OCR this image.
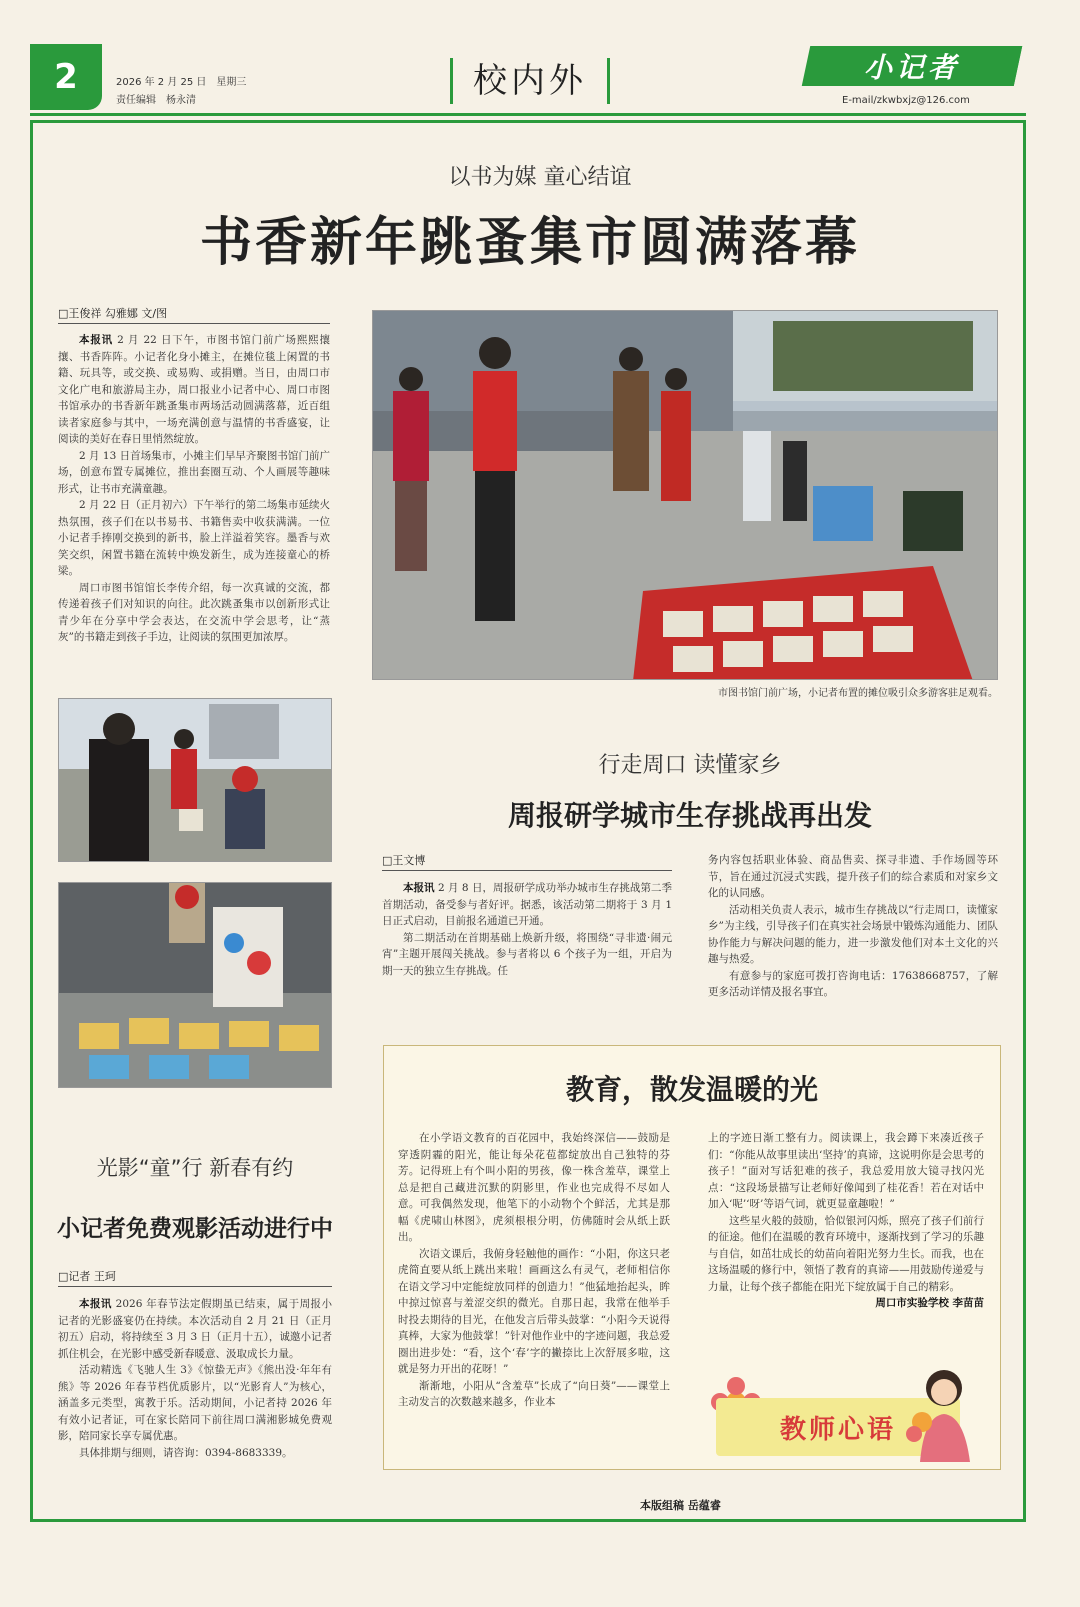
2	2026 年 2 月 25 日　星期三
责任编辑　杨永清	校内外	小记者
E-mail/zkwbxjz@126.com
以书为媒 童心结谊
书香新年跳蚤集市圆满落幕
□ 王俊祥 勾雅娜 文/图

本报讯 2 月 22 日下午，市图书馆门前广场熙熙攘攘、书香阵阵。小记者化身小摊主，在摊位毯上闲置的书籍、玩具等，或交换、或易购、或捐赠。当日，由周口市文化广电和旅游局主办，周口报业小记者中心、周口市图书馆承办的书香新年跳蚤集市两场活动圆满落幕，近百组读者家庭参与其中，一场充满创意与温情的书香盛宴，让阅读的美好在春日里悄然绽放。

2 月 13 日首场集市，小摊主们早早齐聚图书馆门前广场，创意布置专属摊位，推出套圈互动、个人画展等趣味形式，让书市充满童趣。

2 月 22 日（正月初六）下午举行的第二场集市延续火热氛围，孩子们在以书易书、书籍售卖中收获满满。一位小记者手捧刚交换到的新书，脸上洋溢着笑容。墨香与欢笑交织，闲置书籍在流转中焕发新生，成为连接童心的桥梁。

周口市图书馆馆长李传介绍，每一次真诚的交流，都传递着孩子们对知识的向往。此次跳蚤集市以创新形式让青少年在分享中学会表达，在交流中学会思考，让“蒸灰”的书籍走到孩子手边，让阅读的氛围更加浓厚。

市图书馆门前广场，小记者布置的摊位吸引众多游客驻足观看。
行走周口 读懂家乡
周报研学城市生存挑战再出发
□ 王文博

本报讯 2 月 8 日，周报研学成功举办城市生存挑战第二季首期活动，备受参与者好评。据悉，该活动第二期将于 3 月 1 日正式启动，目前报名通道已开通。

第二期活动在首期基础上焕新升级，将围绕“寻非遗·闹元宵”主题开展闯关挑战。参与者将以 6 个孩子为一组，开启为期一天的独立生存挑战。任

务内容包括职业体验、商品售卖、探寻非遗、手作场圆等环节，旨在通过沉浸式实践，提升孩子们的综合素质和对家乡文化的认同感。

活动相关负责人表示，城市生存挑战以“行走周口，读懂家乡”为主线，引导孩子们在真实社会场景中锻炼沟通能力、团队协作能力与解决问题的能力，进一步激发他们对本土文化的兴趣与热爱。

有意参与的家庭可拨打咨询电话：17638668757，了解更多活动详情及报名事宜。

光影“童”行 新春有约
小记者免费观影活动进行中
□ 记者 王珂

本报讯 2026 年春节法定假期虽已结束，属于周报小记者的光影盛宴仍在持续。本次活动自 2 月 21 日（正月初五）启动，将持续至 3 月 3 日（正月十五），诚邀小记者抓住机会，在光影中感受新春暖意、汲取成长力量。

活动精选《飞驰人生 3》《惊蛰无声》《熊出没·年年有熊》等 2026 年春节档优质影片，以“光影育人”为核心，涵盖多元类型，寓教于乐。活动期间，小记者持 2026 年有效小记者证，可在家长陪同下前往周口满湘影城免费观影，陪同家长享专属优惠。

具体排期与细则，请咨询：0394-8683339。

教育，散发温暖的光

在小学语文教育的百花园中，我始终深信——鼓励是穿透阴霾的阳光，能让每朵花苞都绽放出自己独特的芬芳。记得班上有个叫小阳的男孩，像一株含羞草，课堂上总是把自己藏进沉默的阴影里，作业也完成得不尽如人意。可我偶然发现，他笔下的小动物个个鲜活，尤其是那幅《虎啸山林图》，虎须根根分明，仿佛随时会从纸上跃出。

次语文课后，我俯身轻触他的画作：“小阳，你这只老虎简直要从纸上跳出来啦！画画这么有灵气，老师相信你在语文学习中定能绽放同样的创造力！”他猛地抬起头，眸中掠过惊喜与羞涩交织的微光。自那日起，我常在他举手时投去期待的目光，在他发言后带头鼓掌：“小阳今天说得真棒，大家为他鼓掌！”针对他作业中的字迹问题，我总爱圈出进步处：“看，这个‘春’字的撇捺比上次舒展多啦，这就是努力开出的花呀！”

渐渐地，小阳从“含羞草”长成了“向日葵”——课堂上主动发言的次数越来越多，作业本

上的字迹日渐工整有力。阅读课上，我会蹲下来凑近孩子们：“你能从故事里读出‘坚持’的真谛，这说明你是会思考的孩子！”面对写话犯难的孩子，我总爱用放大镜寻找闪光点：“这段场景描写让老师好像闻到了桂花香！若在对话中加入‘呢’‘呀’等语气词，就更显童趣啦！”

这些星火般的鼓励，恰似银河闪烁，照亮了孩子们前行的征途。他们在温暖的教育环境中，逐渐找到了学习的乐趣与自信，如茁壮成长的幼苗向着阳光努力生长。而我，也在这场温暖的修行中，领悟了教育的真谛——用鼓励传递爱与力量，让每个孩子都能在阳光下绽放属于自己的精彩。

周口市实验学校 李苗苗

教师心语
本版组稿 岳蕴睿
